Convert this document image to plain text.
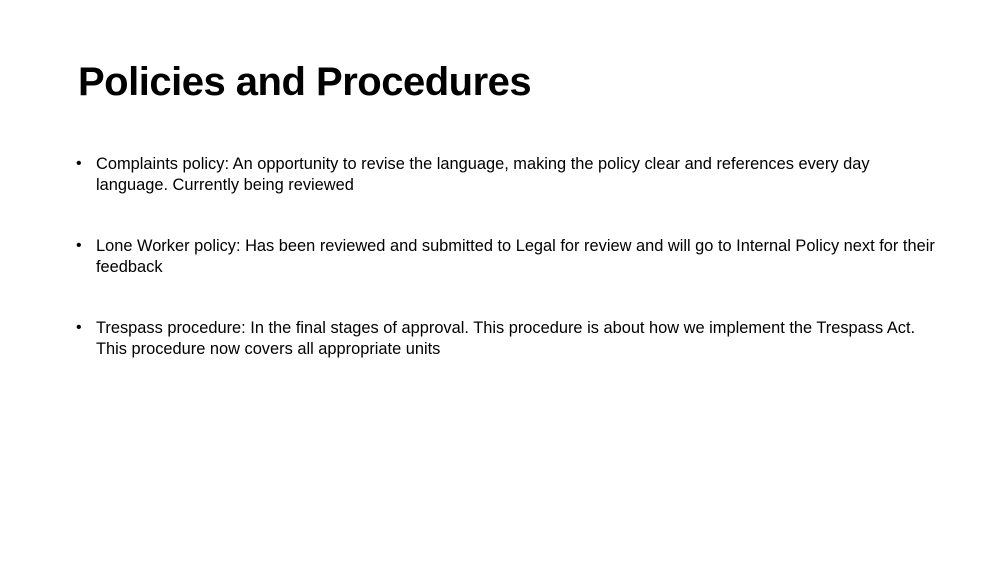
Policies and Procedures
• Complaints policy: An opportunity to revise the language, making the policy clear and references every day language. Currently being reviewed
• Lone Worker policy: Has been reviewed and submitted to Legal for review and will go to Internal Policy next for their feedback
• Trespass procedure: In the final stages of approval. This procedure is about how we implement the Trespass Act. This procedure now covers all appropriate units
